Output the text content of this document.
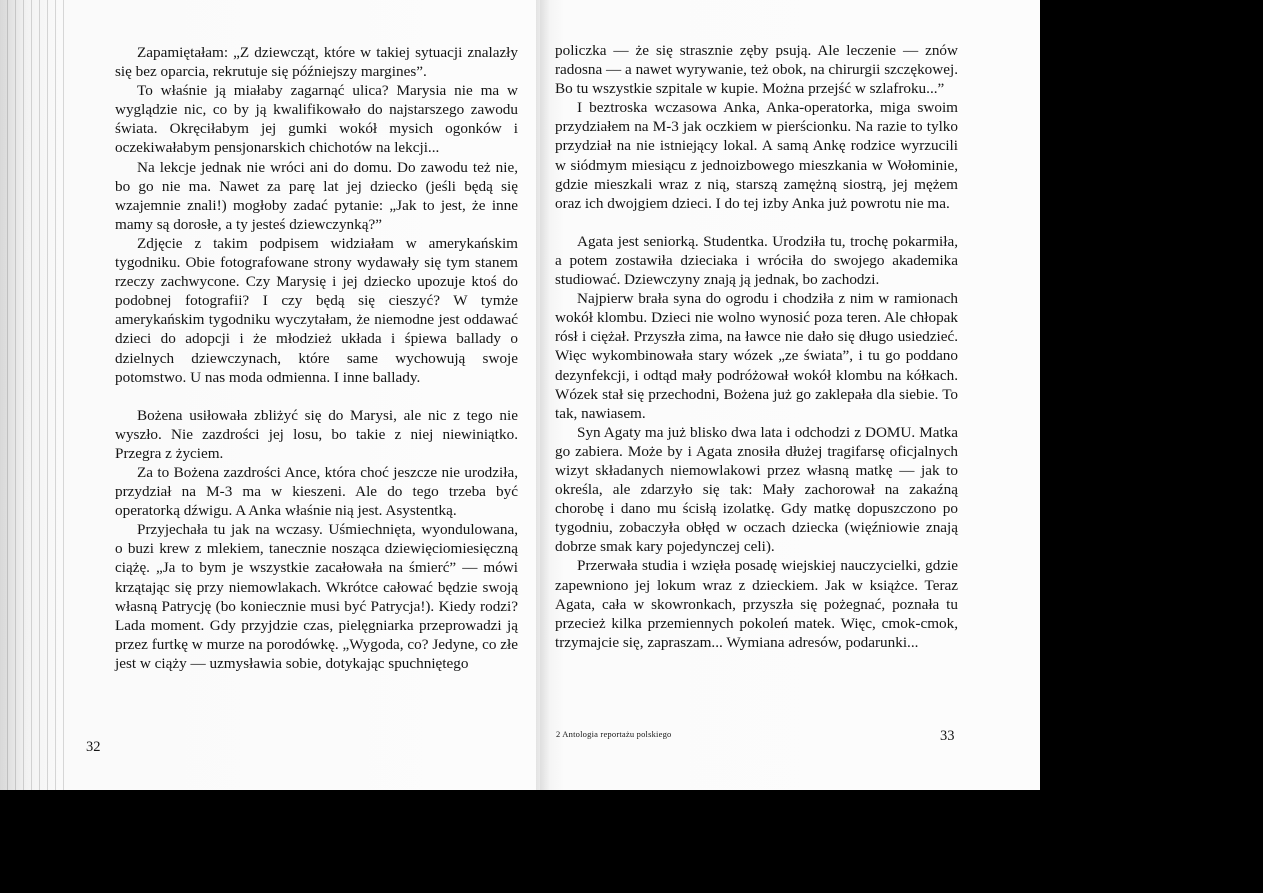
Zapamiętałam: „Z dziewcząt, które w takiej sytuacji znalazły się bez oparcia, rekrutuje się późniejszy margines”.

To właśnie ją miałaby zagarnąć ulica? Marysia nie ma w wyglądzie nic, co by ją kwalifikowało do najstarszego zawodu świata. Okręciłabym jej gumki wokół mysich ogonków i oczekiwałabym pensjonarskich chichotów na lekcji...

Na lekcje jednak nie wróci ani do domu. Do zawodu też nie, bo go nie ma. Nawet za parę lat jej dziecko (jeśli będą się wzajemnie znali!) mogłoby zadać pytanie: „Jak to jest, że inne mamy są dorosłe, a ty jesteś dziewczynką?”

Zdjęcie z takim podpisem widziałam w amerykańskim tygodniku. Obie fotografowane strony wydawały się tym stanem rzeczy zachwycone. Czy Marysię i jej dziecko upozuje ktoś do podobnej fotografii? I czy będą się cieszyć? W tymże amerykańskim tygodniku wyczytałam, że niemodne jest oddawać dzieci do adopcji i że młodzież układa i śpiewa ballady o dzielnych dziewczynach, które same wychowują swoje potomstwo. U nas moda odmienna. I inne ballady.

Bożena usiłowała zbliżyć się do Marysi, ale nic z tego nie wyszło. Nie zazdrości jej losu, bo takie z niej niewiniątko. Przegra z życiem.

Za to Bożena zazdrości Ance, która choć jeszcze nie urodziła, przydział na M-3 ma w kieszeni. Ale do tego trzeba być operatorką dźwigu. A Anka właśnie nią jest. Asystentką.

Przyjechała tu jak na wczasy. Uśmiechnięta, wyondulowana, o buzi krew z mlekiem, tanecznie nosząca dziewięciomiesięczną ciążę. „Ja to bym je wszystkie zacałowała na śmierć” — mówi krzątając się przy niemowlakach. Wkrótce całować będzie swoją własną Patrycję (bo koniecznie musi być Patrycja!). Kiedy rodzi? Lada moment. Gdy przyjdzie czas, pielęgniarka przeprowadzi ją przez furtkę w murze na porodówkę. „Wygoda, co? Jedyne, co złe jest w ciąży — uzmysławia sobie, dotykając spuchniętego

policzka — że się strasznie zęby psują. Ale leczenie — znów radosna — a nawet wyrywanie, też obok, na chirurgii szczękowej. Bo tu wszystkie szpitale w kupie. Można przejść w szlafroku...”

I beztroska wczasowa Anka, Anka-operatorka, miga swoim przydziałem na M-3 jak oczkiem w pierścionku. Na razie to tylko przydział na nie istniejący lokal. A samą Ankę rodzice wyrzucili w siódmym miesiącu z jednoizbowego mieszkania w Wołominie, gdzie mieszkali wraz z nią, starszą zamężną siostrą, jej mężem oraz ich dwojgiem dzieci. I do tej izby Anka już powrotu nie ma.

Agata jest seniorką. Studentka. Urodziła tu, trochę pokarmiła, a potem zostawiła dzieciaka i wróciła do swojego akademika studiować. Dziewczyny znają ją jednak, bo zachodzi.

Najpierw brała syna do ogrodu i chodziła z nim w ramionach wokół klombu. Dzieci nie wolno wynosić poza teren. Ale chłopak rósł i ciężał. Przyszła zima, na ławce nie dało się długo usiedzieć. Więc wykombinowała stary wózek „ze świata”, i tu go poddano dezynfekcji, i odtąd mały podróżował wokół klombu na kółkach. Wózek stał się przechodni, Bożena już go zaklepała dla siebie. To tak, nawiasem.

Syn Agaty ma już blisko dwa lata i odchodzi z DOMU. Matka go zabiera. Może by i Agata znosiła dłużej tragifarsę oficjalnych wizyt składanych niemowlakowi przez własną matkę — jak to określa, ale zdarzyło się tak: Mały zachorował na zakaźną chorobę i dano mu ścisłą izolatkę. Gdy matkę dopuszczono po tygodniu, zobaczyła obłęd w oczach dziecka (więźniowie znają dobrze smak kary pojedynczej celi).

Przerwała studia i wzięła posadę wiejskiej nauczycielki, gdzie zapewniono jej lokum wraz z dzieckiem. Jak w książce. Teraz Agata, cała w skowronkach, przyszła się pożegnać, poznała tu przecież kilka przemiennych pokoleń matek. Więc, cmok-cmok, trzymajcie się, zapraszam... Wymiana adresów, podarunki...

32
2 Antologia reportażu polskiego	33
